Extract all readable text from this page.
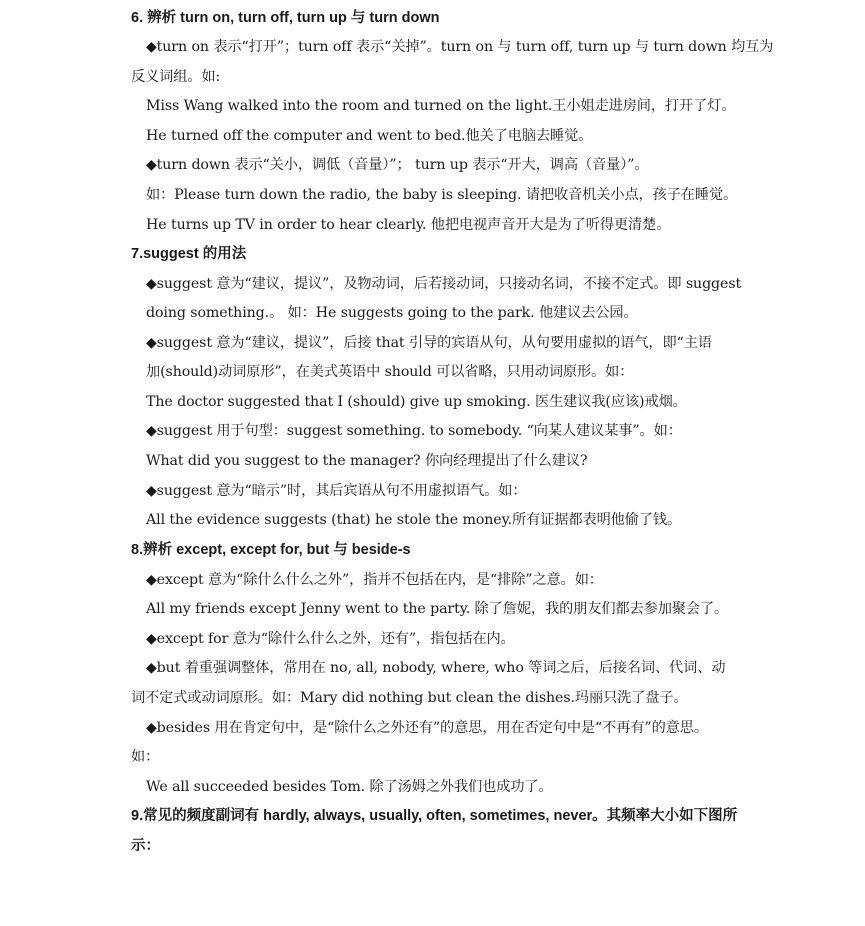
6. 辨析 turn on, turn off, turn up 与 turn down
◆turn on 表示“打开”；turn off 表示“关掉”。turn on 与 turn off, turn up 与 turn down 均互为
反义词组。如:
Miss Wang walked into the room and turned on the light.王小姐走进房间，打开了灯。
He turned off the computer and went to bed.他关了电脑去睡觉。
◆turn down 表示“关小，调低（音量）”； turn up 表示“开大，调高（音量）”。
如：Please turn down the radio, the baby is sleeping. 请把收音机关小点，孩子在睡觉。
He turns up TV in order to hear clearly. 他把电视声音开大是为了听得更清楚。
7.suggest 的用法
◆suggest 意为“建议，提议”，及物动词，后若接动词，只接动名词，不接不定式。即 suggest
doing something.。 如：He suggests going to the park. 他建议去公园。
◆suggest 意为“建议，提议”，后接 that 引导的宾语从句，从句要用虚拟的语气，即“主语
加(should)动词原形”，在美式英语中 should 可以省略，只用动词原形。如：
The doctor suggested that I (should) give up smoking. 医生建议我(应该)戒烟。
◆suggest 用于句型：suggest something. to somebody. “向某人建议某事”。如：
What did you suggest to the manager? 你向经理提出了什么建议?
◆suggest 意为“暗示”时，其后宾语从句不用虚拟语气。如：
All the evidence suggests (that) he stole the money.所有证据都表明他偷了钱。
8.辨析 except, except for, but 与 beside-s
◆except 意为“除什么什么之外”，指并不包括在内，是“排除”之意。如：
All my friends except Jenny went to the party. 除了詹妮，我的朋友们都去参加聚会了。
◆except for 意为“除什么什么之外，还有”，指包括在内。
◆but 着重强调整体，常用在 no, all, nobody, where, who 等词之后，后接名词、代词、动
词不定式或动词原形。如：Mary did nothing but clean the dishes.玛丽只洗了盘子。
◆besides 用在肯定句中，是“除什么之外还有”的意思，用在否定句中是“不再有”的意思。
如：
We all succeeded besides Tom. 除了汤姆之外我们也成功了。
9.常见的频度副词有 hardly, always, usually, often, sometimes, never。其频率大小如下图所
示：
